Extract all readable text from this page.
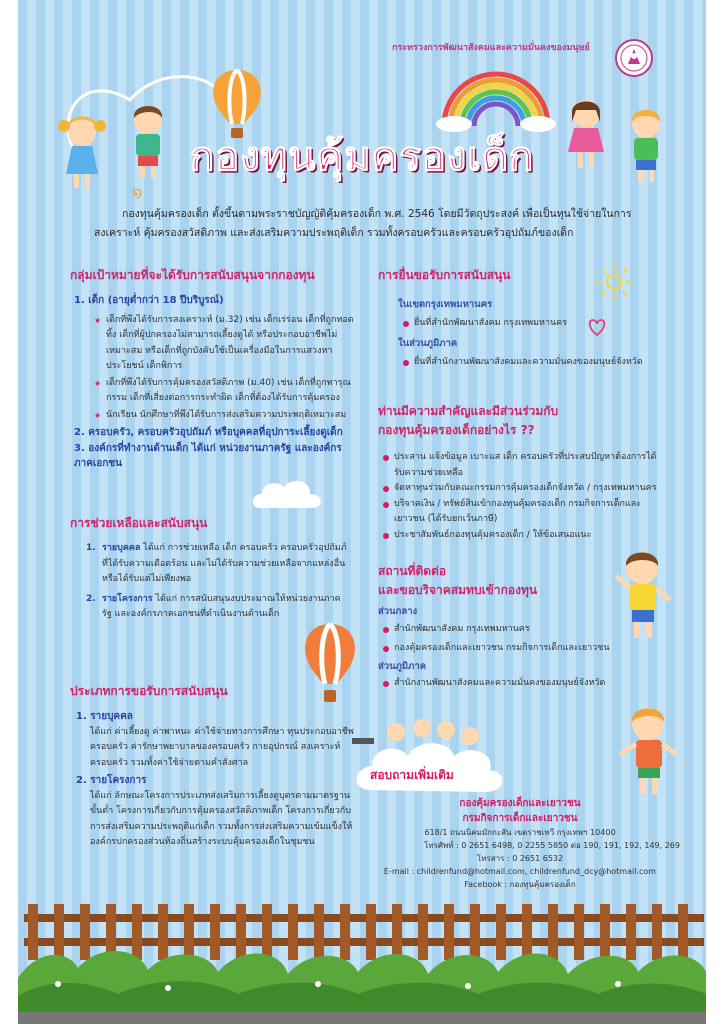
กระทรวงการพัฒนาสังคมและความมั่นคงของมนุษย์
໑
กองทุนคุ้มครองเด็ก
กองทุนคุ้มครองเด็ก ตั้งขึ้นตามพระราชบัญญัติคุ้มครองเด็ก พ.ศ. 2546 โดยมีวัตถุประสงค์ เพื่อเป็นทุนใช้จ่ายในการสงเคราะห์ คุ้มครองสวัสดิภาพ และส่งเสริมความประพฤติเด็ก รวมทั้งครอบครัวและครอบครัวอุปถัมภ์ของเด็ก
กลุ่มเป้าหมายที่จะได้รับการสนับสนุนจากกองทุน
1. เด็ก (อายุต่ำกว่า 18 ปีบริบูรณ์)
★ เด็กที่พึงได้รับการสงเคราะห์ (ม.32) เช่น เด็กเร่ร่อน เด็กที่ถูกทอดทิ้ง เด็กที่ผู้ปกครองไม่สามารถเลี้ยงดูได้ หรือประกอบอาชีพไม่เหมาะสม หรือเด็กที่ถูกบังคับใช้เป็นเครื่องมือในการแสวงหาประโยชน์ เด็กพิการ
★ เด็กที่พึงได้รับการคุ้มครองสวัสดิภาพ (ม.40) เช่น เด็กที่ถูกทารุณกรรม เด็กที่เสี่ยงต่อการกระทำผิด เด็กที่ต้องได้รับการคุ้มครอง
★ นักเรียน นักศึกษาที่พึงได้รับการส่งเสริมความประพฤติเหมาะสม
2. ครอบครัว, ครอบครัวอุปถัมภ์ หรือบุคคลที่อุปการะเลี้ยงดูเด็ก
3. องค์กรที่ทำงานด้านเด็ก ได้แก่ หน่วยงานภาครัฐ และองค์กรภาคเอกชน
การช่วยเหลือและสนับสนุน
1. รายบุคคล ได้แก่ การช่วยเหลือ เด็ก ครอบครัว ครอบครัวอุปถัมภ์ ที่ได้รับความเดือดร้อน และไม่ได้รับความช่วยเหลือจากแหล่งอื่น หรือได้รับแต่ไม่เพียงพอ
2. รายโครงการ ได้แก่ การสนับสนุนงบประมาณให้หน่วยงานภาครัฐ และองค์กรภาคเอกชนที่ดำเนินงานด้านเด็ก
ประเภทการขอรับการสนับสนุน
1. รายบุคคล
ได้แก่ ค่าเลี้ยงดู ค่าพาหนะ ค่าใช้จ่ายทางการศึกษา ทุนประกอบอาชีพครอบครัว ค่ารักษาพยาบาลของครอบครัว กายอุปกรณ์ สงเคราะห์ครอบครัว รวมทั้งค่าใช้จ่ายตามคำสั่งศาล
2. รายโครงการ
ได้แก่ ลักษณะโครงการประเภทส่งเสริมการเลี้ยงดูบุตรตามมาตรฐานขั้นต่ำ โครงการเกี่ยวกับการคุ้มครองสวัสดิภาพเด็ก โครงการเกี่ยวกับการส่งเสริมความประพฤติแก่เด็ก รวมทั้งการส่งเสริมความเข้มแข็งให้องค์กรปกครองส่วนท้องถิ่นสร้างระบบคุ้มครองเด็กในชุมชน
การยื่นขอรับการสนับสนุน
ในเขตกรุงเทพมหานคร
ยื่นที่สำนักพัฒนาสังคม กรุงเทพมหานคร
ในส่วนภูมิภาค
ยื่นที่สำนักงานพัฒนาสังคมและความมั่นคงของมนุษย์จังหวัด
ท่านมีความสำคัญและมีส่วนร่วมกับ
กองทุนคุ้มครองเด็กอย่างไร ??
ประสาน แจ้งข้อมูล เบาะแส เด็ก ครอบครัวที่ประสบปัญหาต้องการได้รับความช่วยเหลือ
จัดหาทุนร่วมกับคณะกรรมการคุ้มครองเด็กจังหวัด / กรุงเทพมหานคร
บริจาคเงิน / ทรัพย์สินเข้ากองทุนคุ้มครองเด็ก กรมกิจการเด็กและเยาวชน (ได้รับยกเว้นภาษี)
ประชาสัมพันธ์กองทุนคุ้มครองเด็ก / ให้ข้อเสนอแนะ
สถานที่ติดต่อ
และขอบริจาคสมทบเข้ากองทุน
ส่วนกลาง
สำนักพัฒนาสังคม กรุงเทพมหานคร
กองคุ้มครองเด็กและเยาวชน กรมกิจการเด็กและเยาวชน
ส่วนภูมิภาค
สำนักงานพัฒนาสังคมและความมั่นคงของมนุษย์จังหวัด
สอบถามเพิ่มเติม
กองคุ้มครองเด็กและเยาวชน
กรมกิจการเด็กและเยาวชน
618/1 ถนนนิคมมักกะสัน เขตราชเทวี กรุงเทพฯ 10400
โทรศัพท์ : 0 2651 6498, 0 2255 5850 ต่อ 190, 191, 192, 149, 269
โทรสาร : 0 2651 6532
E-mail : childrenfund@hotmail.com, childrenfund_dcy@hotmail.com
Facebook : กองทุนคุ้มครองเด็ก
